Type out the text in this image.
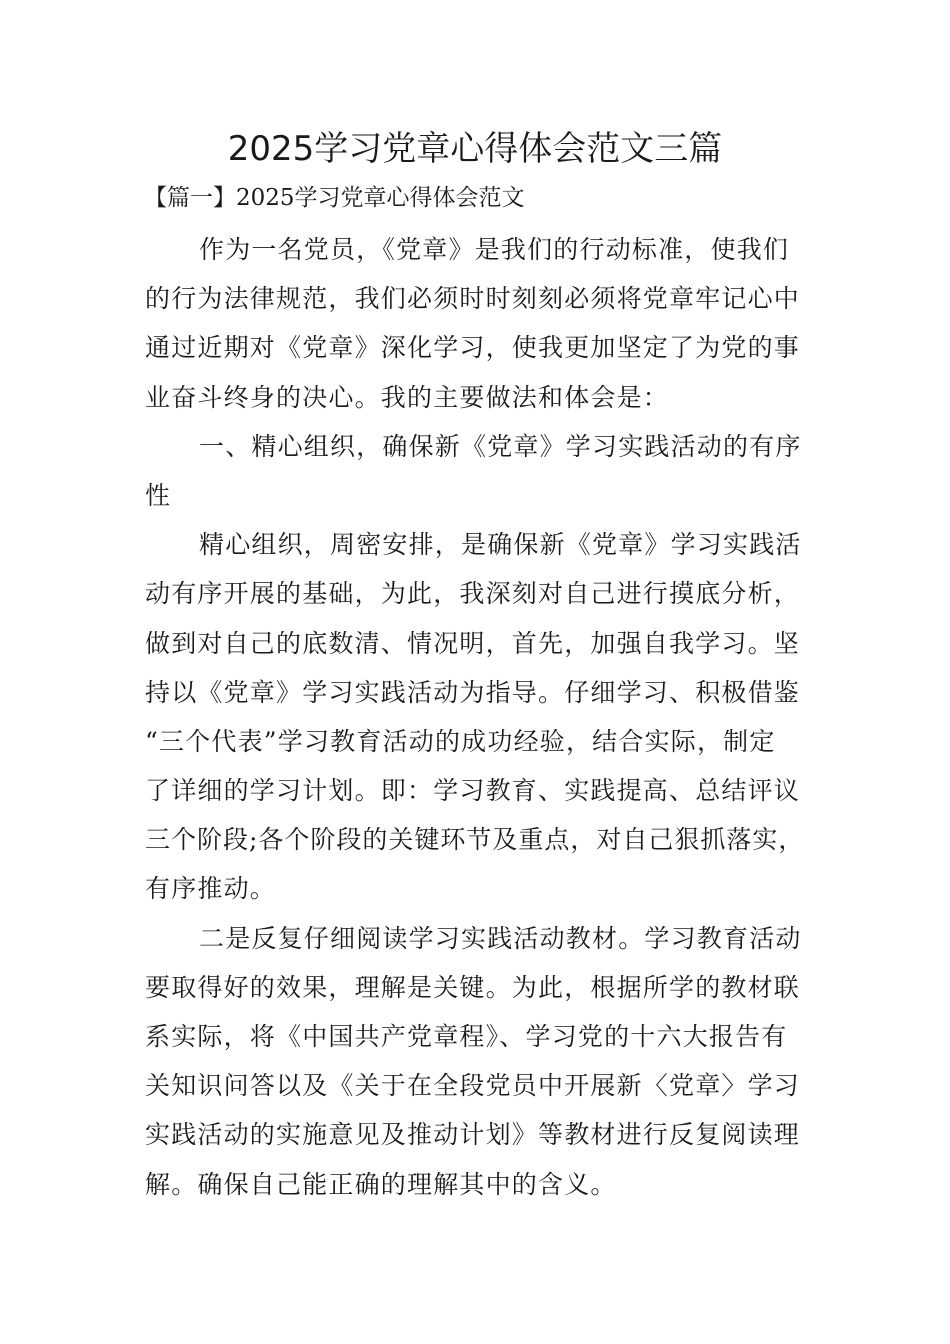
2025学习党章心得体会范文三篇
【篇一】2025学习党章心得体会范文
作为一名党员，《党章》是我们的行动标准，使我们
的行为法律规范，我们必须时时刻刻必须将党章牢记心中
通过近期对《党章》深化学习，使我更加坚定了为党的事
业奋斗终身的决心。我的主要做法和体会是：
一、精心组织，确保新《党章》学习实践活动的有序
性
精心组织，周密安排，是确保新《党章》学习实践活
动有序开展的基础，为此，我深刻对自己进行摸底分析，
做到对自己的底数清、情况明，首先，加强自我学习。坚
持以《党章》学习实践活动为指导。仔细学习、积极借鉴
“三个代表”学习教育活动的成功经验，结合实际，制定
了详细的学习计划。即：学习教育、实践提高、总结评议
三个阶段;各个阶段的关键环节及重点，对自己狠抓落实，
有序推动。
二是反复仔细阅读学习实践活动教材。学习教育活动
要取得好的效果，理解是关键。为此，根据所学的教材联
系实际，将《中国共产党章程》、学习党的十六大报告有
关知识问答以及《关于在全段党员中开展新〈党章〉学习
实践活动的实施意见及推动计划》等教材进行反复阅读理
解。确保自己能正确的理解其中的含义。
